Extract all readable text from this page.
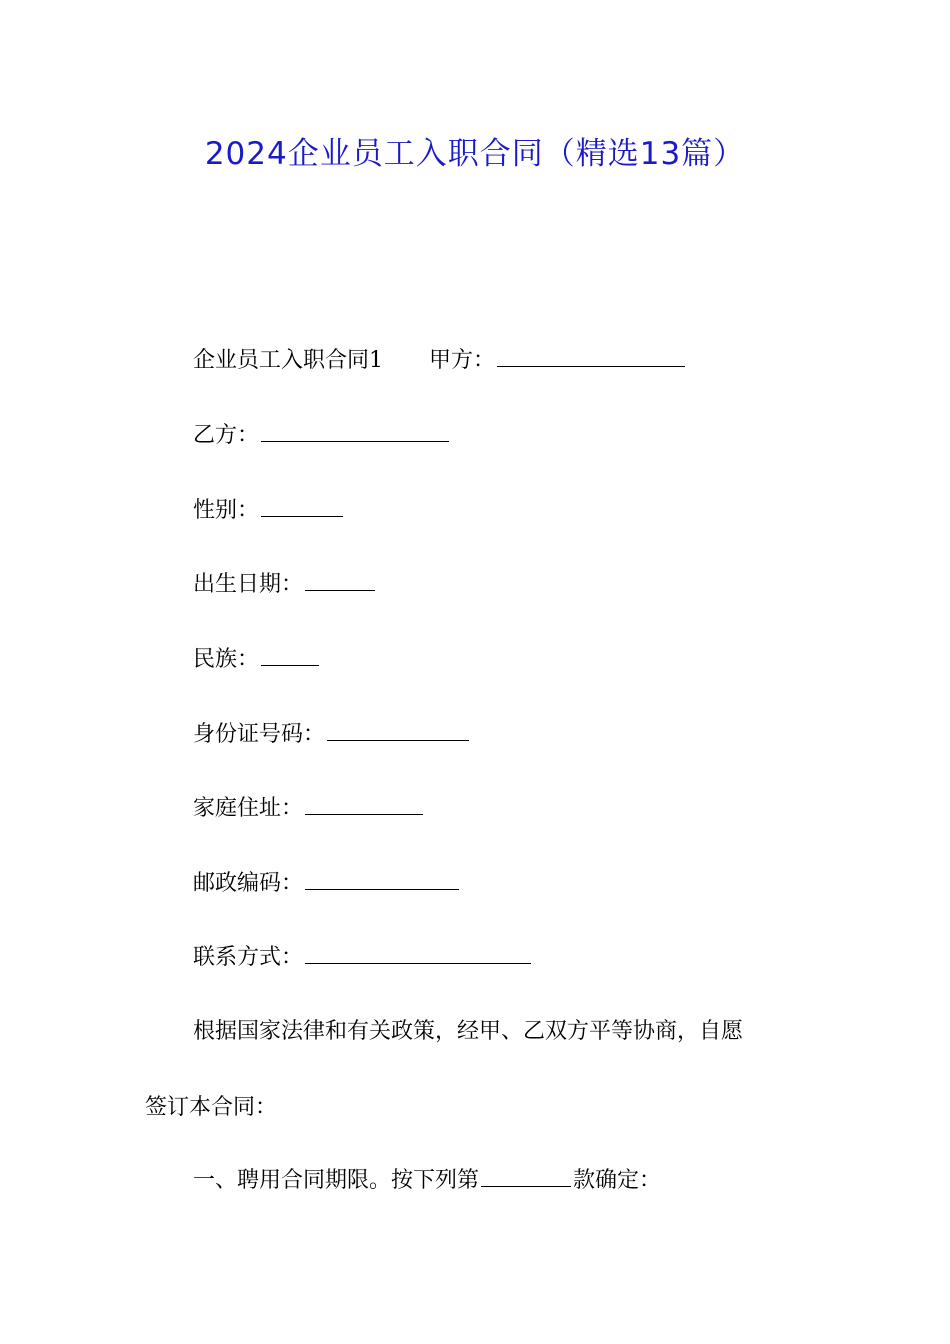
2024企业员工入职合同（精选13篇）
企业员工入职合同1 甲方：
乙方：
性别：
出生日期：
民族：
身份证号码：
家庭住址：
邮政编码：
联系方式：
根据国家法律和有关政策，经甲、乙双方平等协商，自愿
签订本合同：
一、聘用合同期限。按下列第	款确定：
